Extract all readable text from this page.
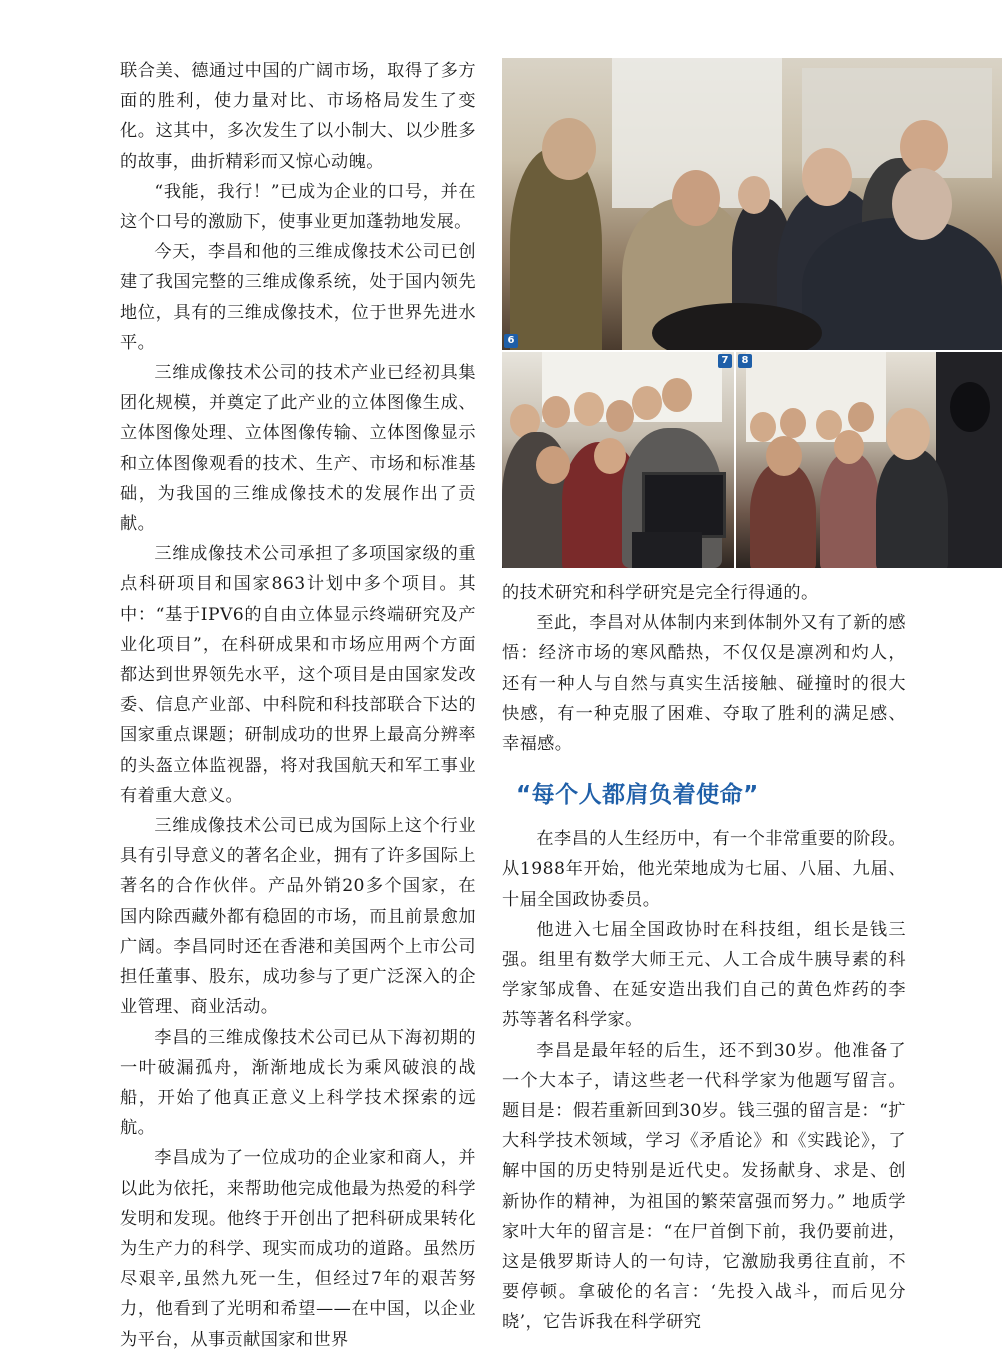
联合美、德通过中国的广阔市场，取得了多方面的胜利，使力量对比、市场格局发生了变化。这其中，多次发生了以小制大、以少胜多的故事，曲折精彩而又惊心动魄。

“我能，我行！”已成为企业的口号，并在这个口号的激励下，使事业更加蓬勃地发展。

今天，李昌和他的三维成像技术公司已创建了我国完整的三维成像系统，处于国内领先地位，具有的三维成像技术，位于世界先进水平。

三维成像技术公司的技术产业已经初具集团化规模，并奠定了此产业的立体图像生成、立体图像处理、立体图像传输、立体图像显示和立体图像观看的技术、生产、市场和标准基础，为我国的三维成像技术的发展作出了贡献。

三维成像技术公司承担了多项国家级的重点科研项目和国家863计划中多个项目。其中：“基于IPV6的自由立体显示终端研究及产业化项目”，在科研成果和市场应用两个方面都达到世界领先水平，这个项目是由国家发改委、信息产业部、中科院和科技部联合下达的国家重点课题；研制成功的世界上最高分辨率的头盔立体监视器，将对我国航天和军工事业有着重大意义。

三维成像技术公司已成为国际上这个行业具有引导意义的著名企业，拥有了许多国际上著名的合作伙伴。产品外销20多个国家，在国内除西藏外都有稳固的市场，而且前景愈加广阔。李昌同时还在香港和美国两个上市公司担任董事、股东，成功参与了更广泛深入的企业管理、商业活动。

李昌的三维成像技术公司已从下海初期的一叶破漏孤舟，渐渐地成长为乘风破浪的战船，开始了他真正意义上科学技术探索的远航。

李昌成为了一位成功的企业家和商人，并以此为依托，来帮助他完成他最为热爱的科学发明和发现。他终于开创出了把科研成果转化为生产力的科学、现实而成功的道路。虽然历尽艰辛,虽然九死一生，但经过7年的艰苦努力，他看到了光明和希望——在中国，以企业为平台，从事贡献国家和世界

6
7	8

的技术研究和科学研究是完全行得通的。

至此，李昌对从体制内来到体制外又有了新的感悟：经济市场的寒风酷热，不仅仅是凛冽和灼人，还有一种人与自然与真实生活接触、碰撞时的很大快感，有一种克服了困难、夺取了胜利的满足感、幸福感。

“每个人都肩负着使命”

在李昌的人生经历中，有一个非常重要的阶段。从1988年开始，他光荣地成为七届、八届、九届、十届全国政协委员。

他进入七届全国政协时在科技组，组长是钱三强。组里有数学大师王元、人工合成牛胰导素的科学家邹成鲁、在延安造出我们自己的黄色炸药的李苏等著名科学家。

李昌是最年轻的后生，还不到30岁。他准备了一个大本子，请这些老一代科学家为他题写留言。题目是：假若重新回到30岁。钱三强的留言是：“扩大科学技术领域，学习《矛盾论》和《实践论》，了解中国的历史特别是近代史。发扬献身、求是、创新协作的精神，为祖国的繁荣富强而努力。” 地质学家叶大年的留言是：“在尸首倒下前，我仍要前进，这是俄罗斯诗人的一句诗，它激励我勇往直前，不要停顿。拿破伦的名言：‘先投入战斗，而后见分晓’，它告诉我在科学研究
